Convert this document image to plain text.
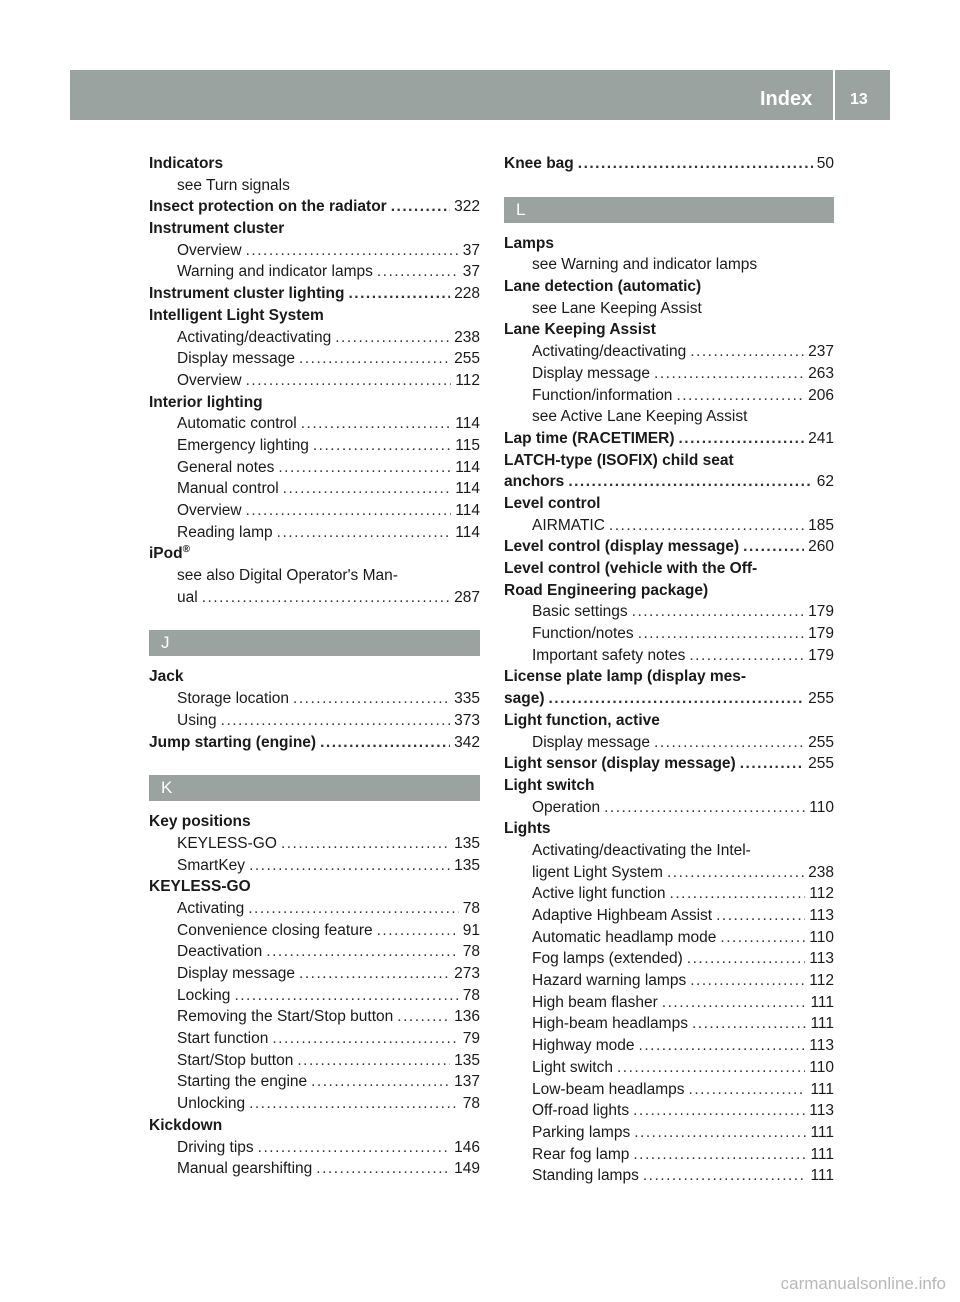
Index 13
Indicators
see Turn signals
Insect protection on the radiator .....	322
Instrument cluster
Overview .....	37
Warning and indicator lamps .....	37
Instrument cluster lighting .....	228
Intelligent Light System
Activating/deactivating .....	238
Display message .....	255
Overview .....	112
Interior lighting
Automatic control .....	114
Emergency lighting .....	115
General notes .....	114
Manual control .....	114
Overview .....	114
Reading lamp .....	114
iPod®
see also Digital Operator's Man-
ual .....	287
J
Jack
Storage location .....	335
Using .....	373
Jump starting (engine) .....	342
K
Key positions
KEYLESS-GO .....	135
SmartKey .....	135
KEYLESS-GO
Activating .....	78
Convenience closing feature .....	91
Deactivation .....	78
Display message .....	273
Locking .....	78
Removing the Start/Stop button .....	136
Start function .....	79
Start/Stop button .....	135
Starting the engine .....	137
Unlocking .....	78
Kickdown
Driving tips .....	146
Manual gearshifting .....	149
Knee bag .....	50
L
Lamps
see Warning and indicator lamps
Lane detection (automatic)
see Lane Keeping Assist
Lane Keeping Assist
Activating/deactivating .....	237
Display message .....	263
Function/information .....	206
see Active Lane Keeping Assist
Lap time (RACETIMER) .....	241
LATCH-type (ISOFIX) child seat
anchors .....	62
Level control
AIRMATIC .....	185
Level control (display message) .....	260
Level control (vehicle with the Off-
Road Engineering package)
Basic settings .....	179
Function/notes .....	179
Important safety notes .....	179
License plate lamp (display mes-
sage) .....	255
Light function, active
Display message .....	255
Light sensor (display message) .....	255
Light switch
Operation .....	110
Lights
Activating/deactivating the Intel-
ligent Light System .....	238
Active light function .....	112
Adaptive Highbeam Assist .....	113
Automatic headlamp mode .....	110
Fog lamps (extended) .....	113
Hazard warning lamps .....	112
High beam flasher .....	111
High-beam headlamps .....	111
Highway mode .....	113
Light switch .....	110
Low-beam headlamps .....	111
Off-road lights .....	113
Parking lamps .....	111
Rear fog lamp .....	111
Standing lamps .....	111
carmanualsonline.info
